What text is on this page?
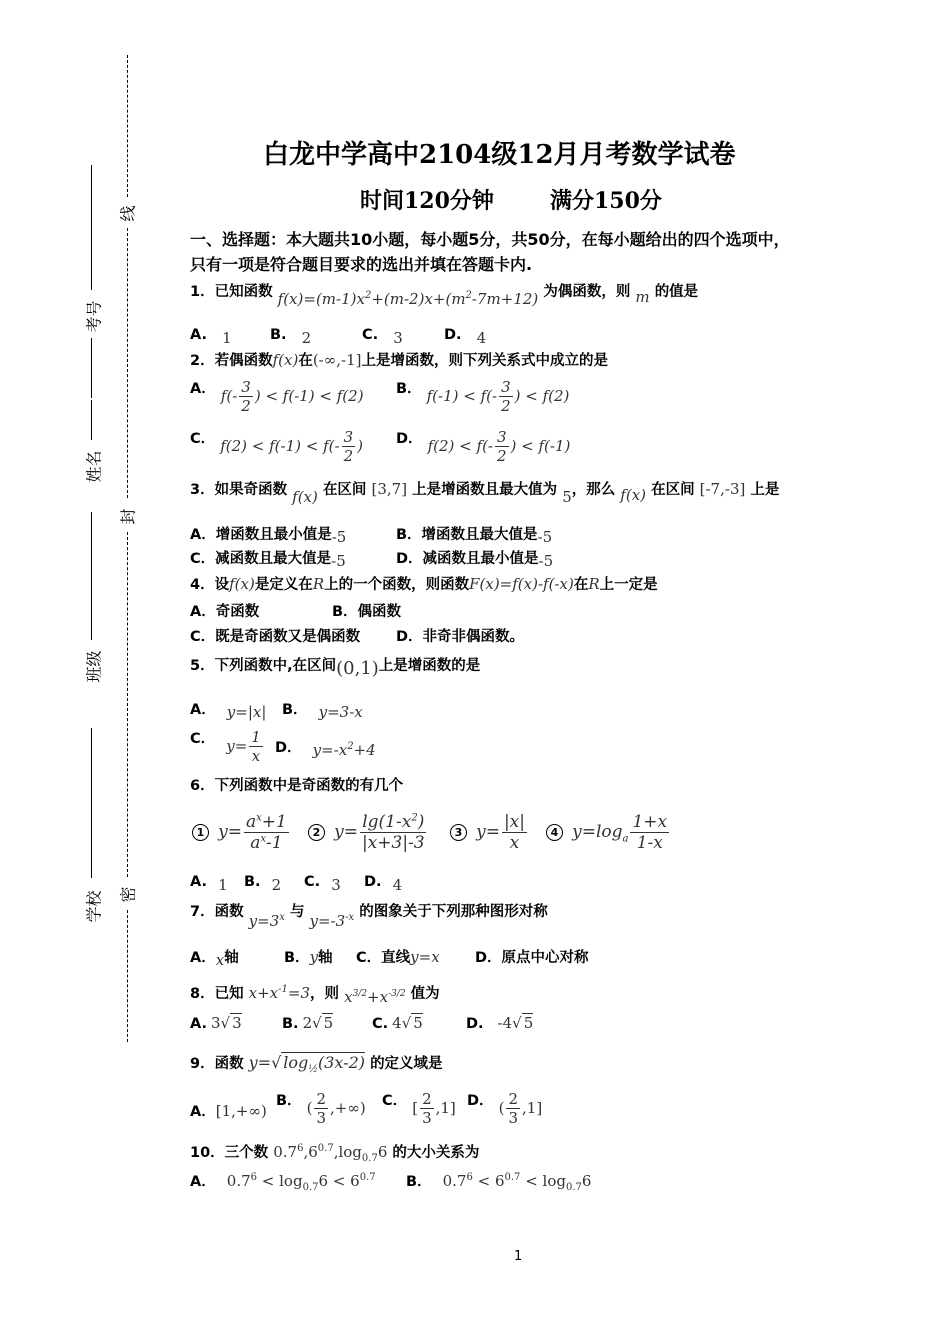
线
封
密
考号
姓名
班级
学校
白龙中学高中2104级12月月考数学试卷
时间120分钟	满分150分
一、选择题：本大题共10小题，每小题5分，共50分，在每小题给出的四个选项中，
只有一项是符合题目要求的选出并填在答题卡内.
1．已知函数 $f(x)=(m-1)x^2+(m-2)x+(m^2-7m+12)$ 为偶函数，则 m 的值是
A. 1	B. 2	C. 3	D. 4
2．若偶函数f(x)在(-∞,-1]上是增函数，则下列关系式中成立的是
A． $f(- \frac{3}{2}$ ) < f(-1) < f(2) B． $f(-1) < f(- \frac{3}{2}$ ) < f(2)
C． $f(2) < f(-1) < f(- \frac{3}{2}$ ) D． $f(2) < f(- \frac{3}{2}$ ) < f(-1)
3．如果奇函数 f(x) 在区间 [3,7] 上是增函数且最大值为 5，那么 f(x) 在区间 [-7,-3] 上是
A．增函数且最小值是-5	B．增函数且最大值是-5
C．减函数且最大值是-5	D．减函数且最小值是-5
4．设f(x)是定义在R上的一个函数，则函数F(x)=f(x)-f(-x)在R上一定是
A．奇函数	B．偶函数
C．既是奇函数又是偶函数 D．非奇非偶函数。
5．下列函数中,在区间(0,1)上是增函数的是
A． y=|x| B． y=3-x
C． $y= \frac{1}{x}$ D． $y=-x^2+4$
6．下列函数中是奇函数的有几个
1 $y= \frac{a^x+1}{a^x-1}$	2 $y= \frac{\lg(1-x^2)}{|x+3|-3}$	3 $y= \frac{|x|}{x}$	4 $y=\log_a \frac{1+x}{1-x}$
A. 1 B. 2 C. 3 D. 4
7．函数 $y=3^x$ 与 $y=-3^{-x}$ 的图象关于下列那种图形对称
A．x轴	B．y轴 C．直线y=x D．原点中心对称
8．已知 $x+x^{-1}=3$，则 $x^{3/2}+x^{-3/2}$ 值为
A. 3√ 3	B. 2√ 5	C. 4√ 5	D. -4√ 5
9．函数 y=√ $\log_{\frac{1}{2}}(3x-2)$ 的定义域是
A．[1,+∞)
B． ( $\frac{2}{3}$ ,+∞) C． [ $\frac{2}{3} ,1$] D． ( $\frac{2}{3} ,1$]
10．三个数 $0.7^6,6^{0.7},\log_{0.7}6$ 的大小关系为
A． $0.7^6 < \log_{0.7}6 < 6^{0.7}$ B． $0.7^6 < 6^{0.7} < \log_{0.7}6$
1
